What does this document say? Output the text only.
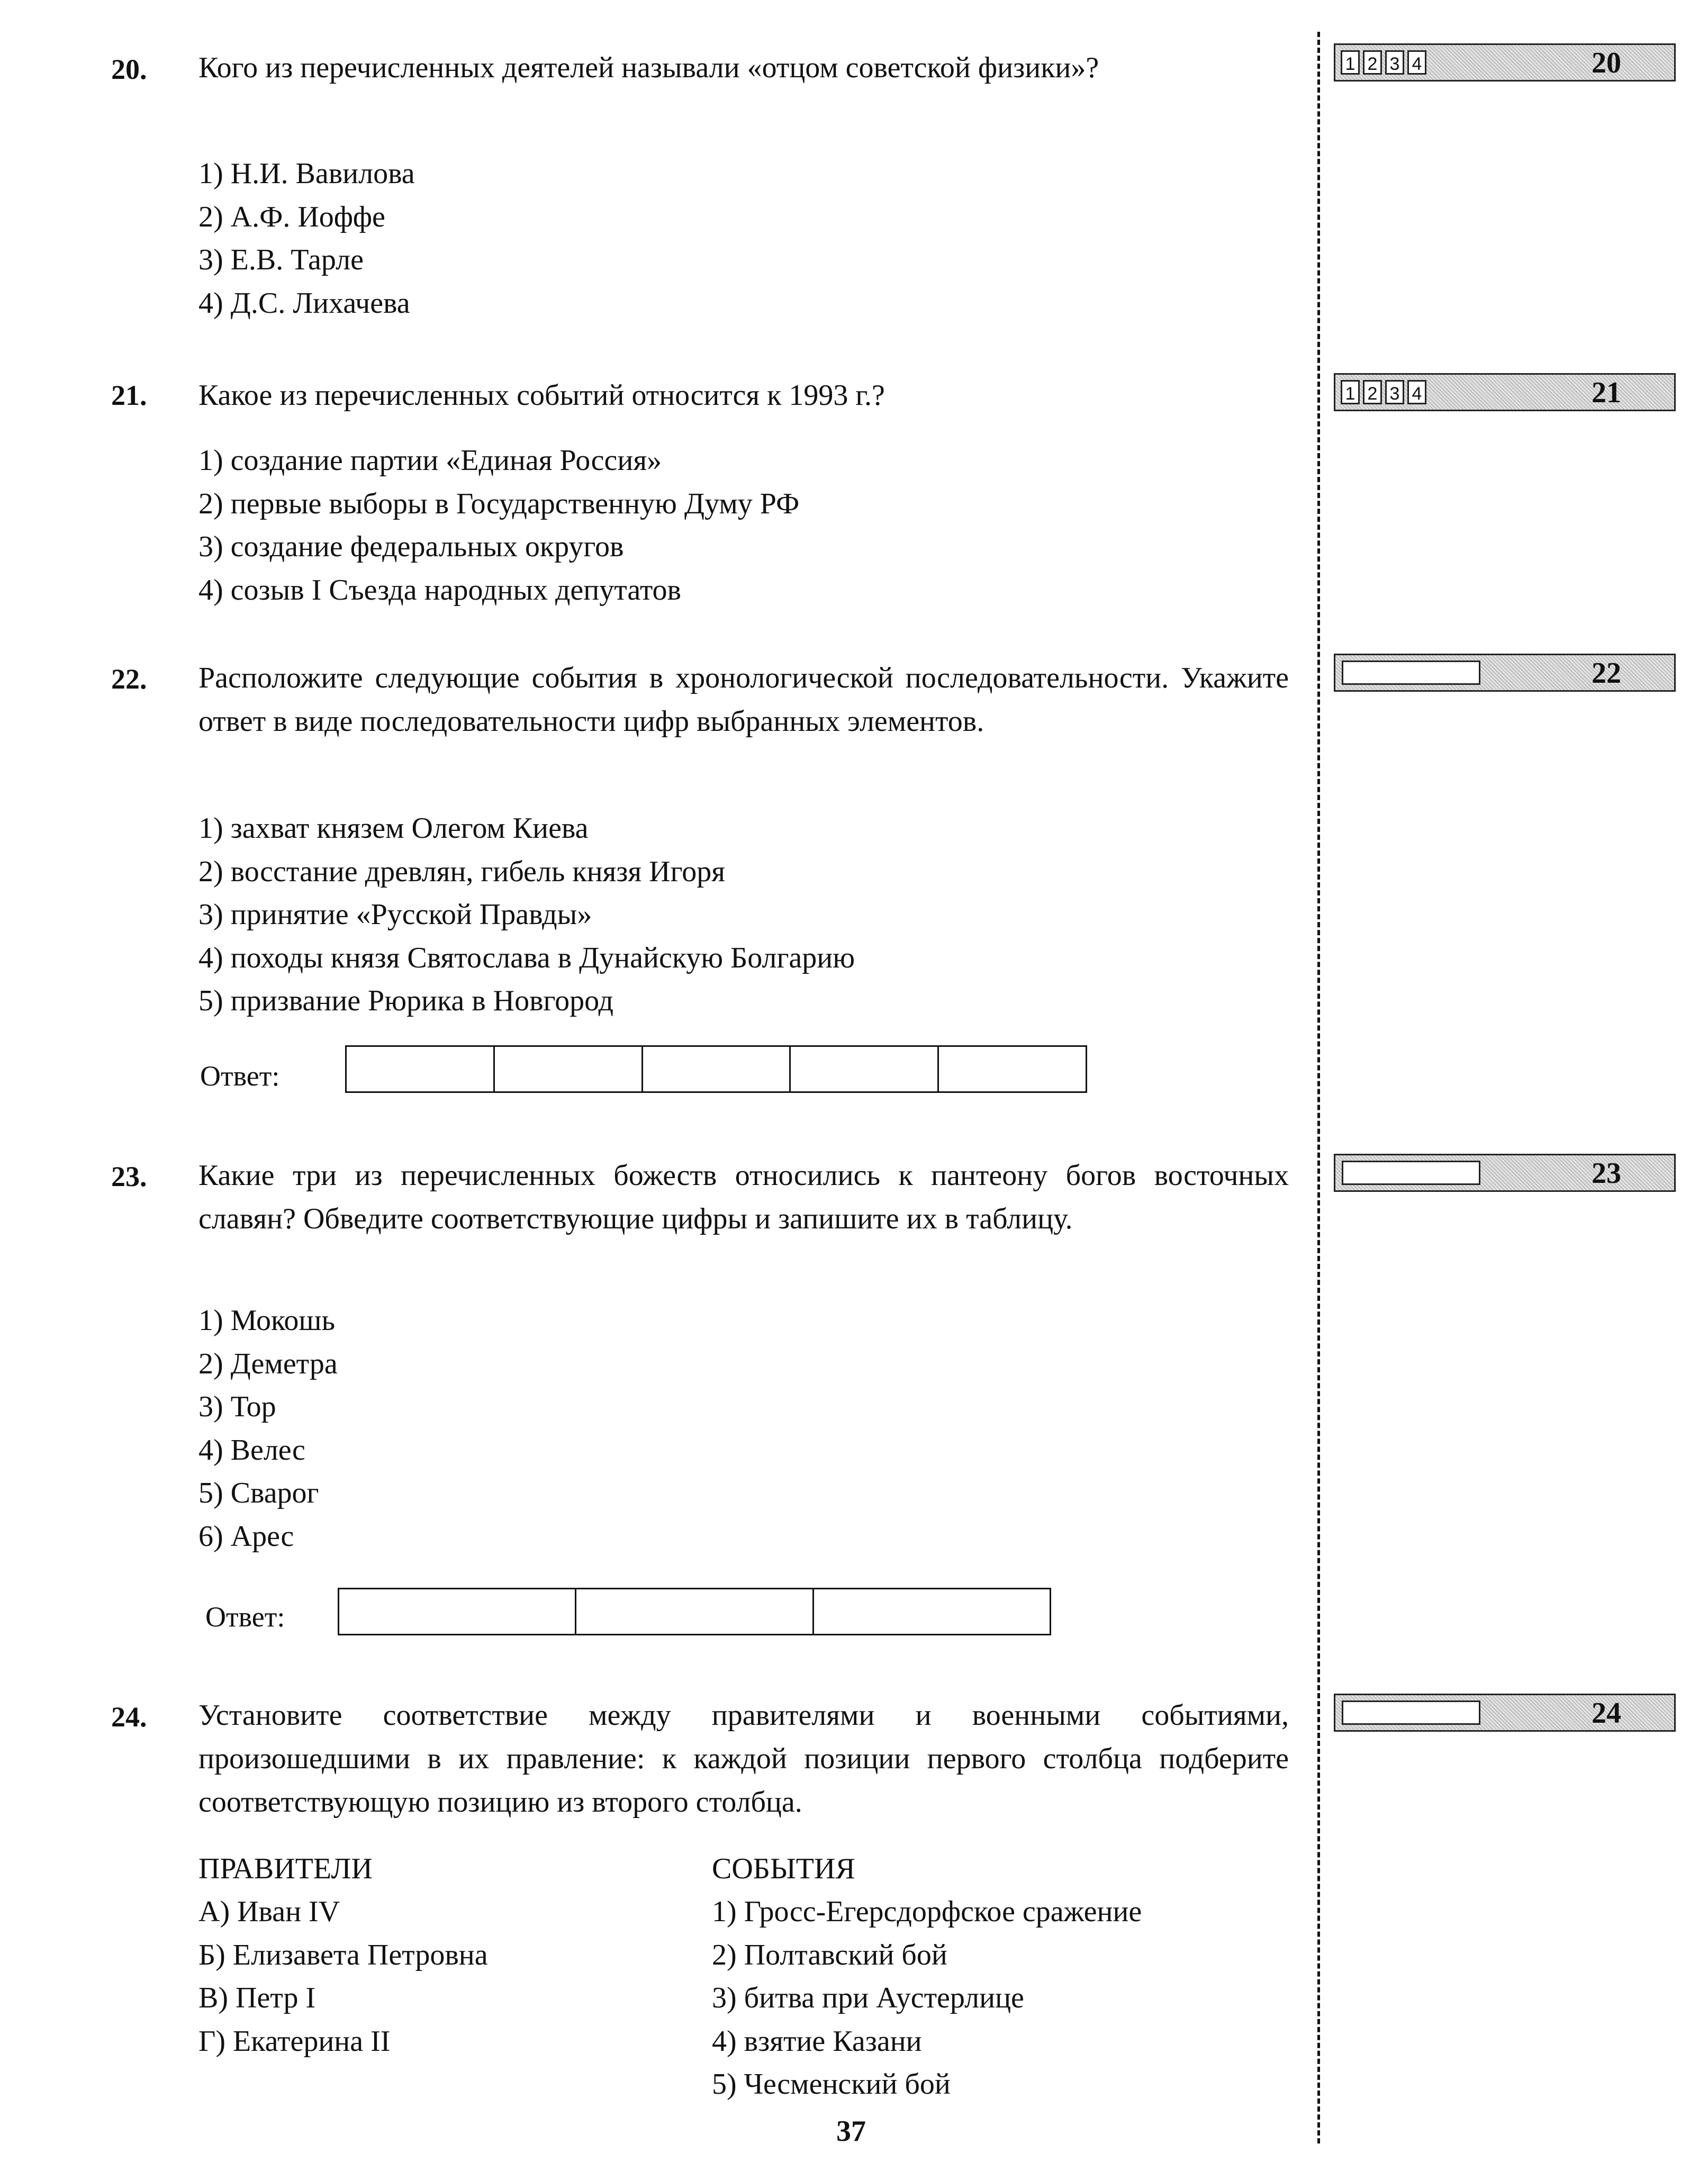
20. Кого из перечисленных деятелей называли «отцом советской физики»?
1) Н.И. Вавилова
2) А.Ф. Иоффе
3) Е.В. Тарле
4) Д.С. Лихачева
21. Какое из перечисленных событий относится к 1993 г.?
1) создание партии «Единая Россия»
2) первые выборы в Государственную Думу РФ
3) создание федеральных округов
4) созыв I Съезда народных депутатов
22. Расположите следующие события в хронологической последовательности. Укажите ответ в виде последовательности цифр выбранных элементов.
1) захват князем Олегом Киева
2) восстание древлян, гибель князя Игоря
3) принятие «Русской Правды»
4) походы князя Святослава в Дунайскую Болгарию
5) призвание Рюрика в Новгород
Ответ:
23. Какие три из перечисленных божеств относились к пантеону богов восточных славян? Обведите соответствующие цифры и запишите их в таблицу.
1) Мокошь
2) Деметра
3) Тор
4) Велес
5) Сварог
6) Арес
Ответ:
24. Установите соответствие между правителями и военными событиями, произошедшими в их правление: к каждой позиции первого столбца подберите соответствующую позицию из второго столбца.
ПРАВИТЕЛИ
А) Иван IV
Б) Елизавета Петровна
В) Петр I
Г) Екатерина II
СОБЫТИЯ
1) Гросс-Егерсдорфское сражение
2) Полтавский бой
3) битва при Аустерлице
4) взятие Казани
5) Чесменский бой
1 2 3 4	20
1 2 3 4	21
22
23
24
37
